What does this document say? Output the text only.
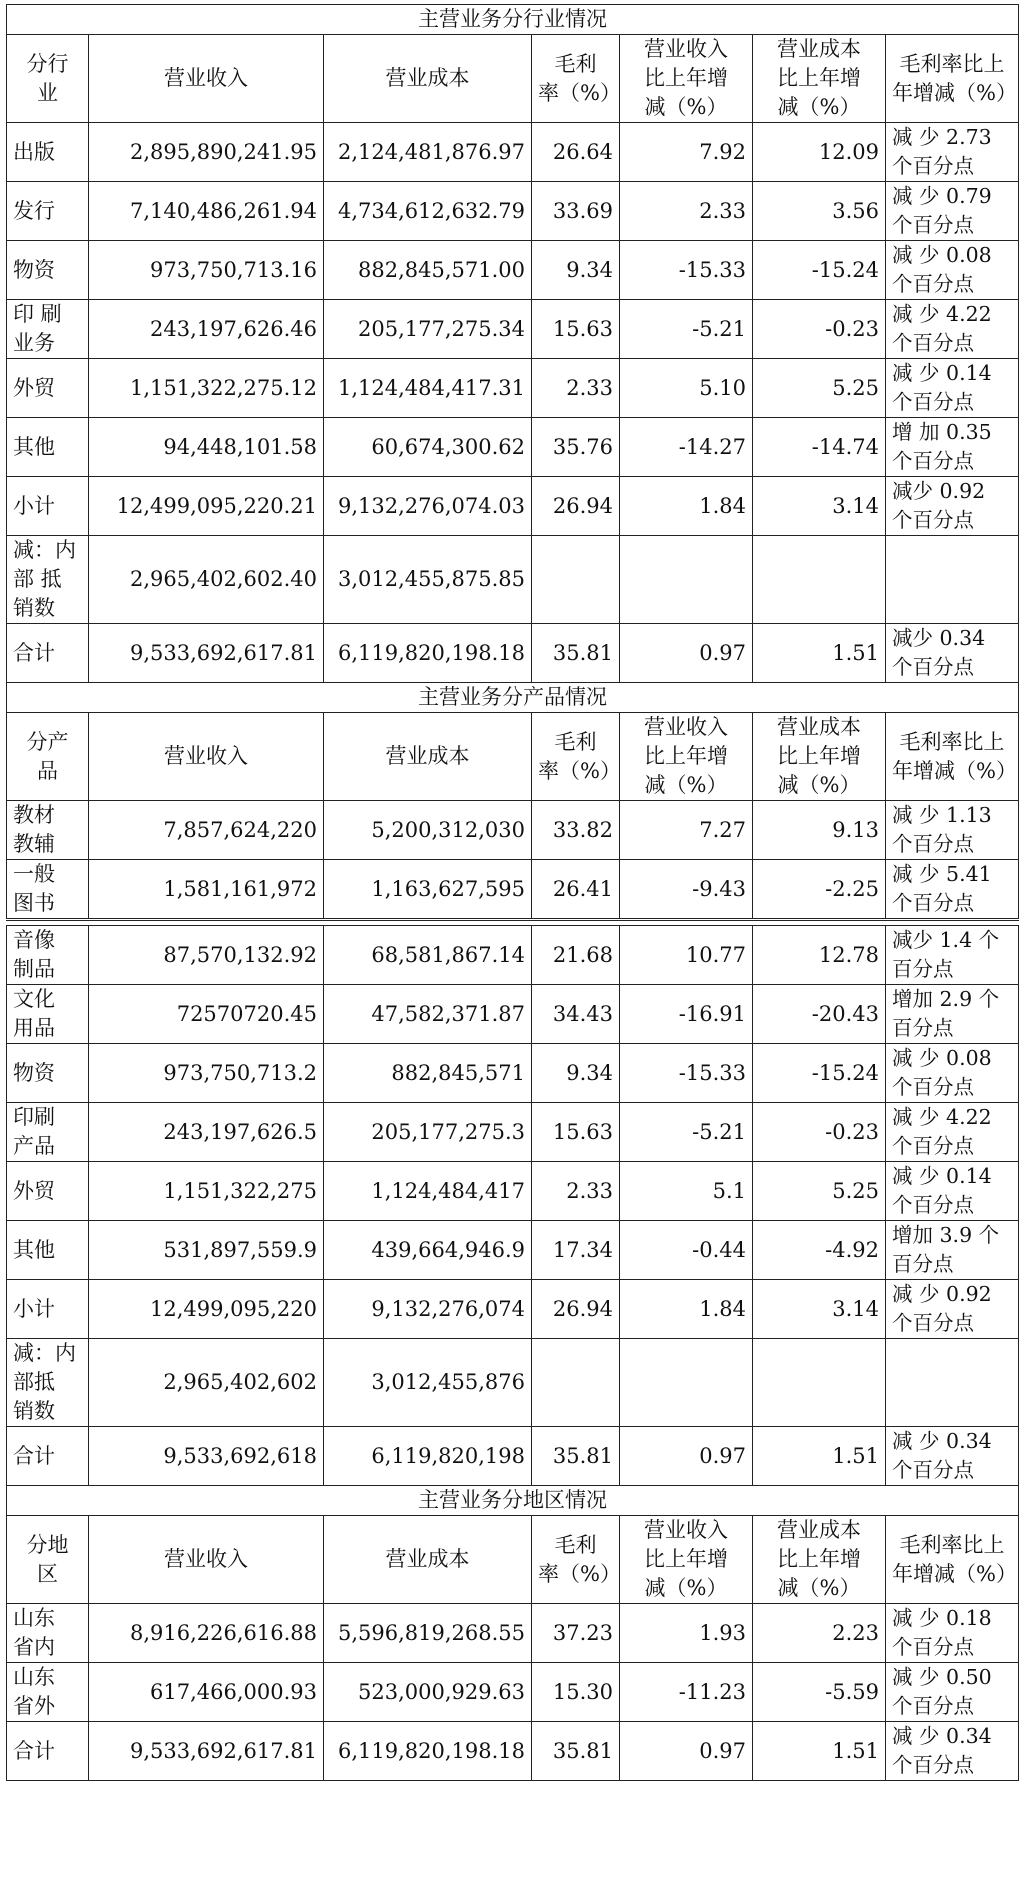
主营业务分行业情况						
分行
业	营业收入	营业成本	毛利
率（%）	营业收入
比上年增
减（%）	营业成本
比上年增
减（%）	毛利率比上
年增减（%）
出版	2,895,890,241.95	2,124,481,876.97	26.64	7.92	12.09	减 少 2.73
个百分点
发行	7,140,486,261.94	4,734,612,632.79	33.69	2.33	3.56	减 少 0.79
个百分点
物资	973,750,713.16	882,845,571.00	9.34	-15.33	-15.24	减 少 0.08
个百分点
印 刷
业务	243,197,626.46	205,177,275.34	15.63	-5.21	-0.23	减 少 4.22
个百分点
外贸	1,151,322,275.12	1,124,484,417.31	2.33	5.10	5.25	减 少 0.14
个百分点
其他	94,448,101.58	60,674,300.62	35.76	-14.27	-14.74	增 加 0.35
个百分点
小计	12,499,095,220.21	9,132,276,074.03	26.94	1.84	3.14	减少 0.92
个百分点
减：内
部 抵
销数	2,965,402,602.40	3,012,455,875.85				
合计	9,533,692,617.81	6,119,820,198.18	35.81	0.97	1.51	减少 0.34
个百分点
主营业务分产品情况						
分产
品	营业收入	营业成本	毛利
率（%）	营业收入
比上年增
减（%）	营业成本
比上年增
减（%）	毛利率比上
年增减（%）
教材
教辅	7,857,624,220	5,200,312,030	33.82	7.27	9.13	减 少 1.13
个百分点
一般
图书	1,581,161,972	1,163,627,595	26.41	-9.43	-2.25	减 少 5.41
个百分点

音像
制品	87,570,132.92	68,581,867.14	21.68	10.77	12.78	减少 1.4 个
百分点
文化
用品	72570720.45	47,582,371.87	34.43	-16.91	-20.43	增加 2.9 个
百分点
物资	973,750,713.2	882,845,571	9.34	-15.33	-15.24	减 少 0.08
个百分点
印刷
产品	243,197,626.5	205,177,275.3	15.63	-5.21	-0.23	减 少 4.22
个百分点
外贸	1,151,322,275	1,124,484,417	2.33	5.1	5.25	减 少 0.14
个百分点
其他	531,897,559.9	439,664,946.9	17.34	-0.44	-4.92	增加 3.9 个
百分点
小计	12,499,095,220	9,132,276,074	26.94	1.84	3.14	减 少 0.92
个百分点
减：内
部抵
销数	2,965,402,602	3,012,455,876				
合计	9,533,692,618	6,119,820,198	35.81	0.97	1.51	减 少 0.34
个百分点
主营业务分地区情况						
分地
区	营业收入	营业成本	毛利
率（%）	营业收入
比上年增
减（%）	营业成本
比上年增
减（%）	毛利率比上
年增减（%）
山东
省内	8,916,226,616.88	5,596,819,268.55	37.23	1.93	2.23	减 少 0.18
个百分点
山东
省外	617,466,000.93	523,000,929.63	15.30	-11.23	-5.59	减 少 0.50
个百分点
合计	9,533,692,617.81	6,119,820,198.18	35.81	0.97	1.51	减 少 0.34
个百分点
